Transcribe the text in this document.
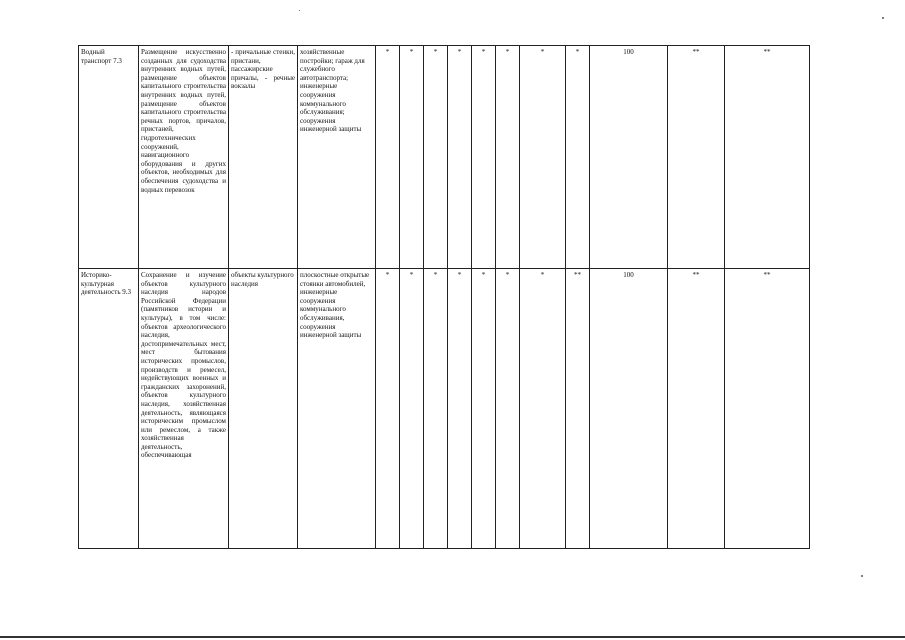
Водный транспорт 7.3	Размещение искусственно созданных для судоходства внутренних водных путей, размещение объектов капитального строительства внутренних водных путей, размещение объектов капитального строительства речных портов, причалов, пристаней, гидротехнических сооружений, навигационного оборудования и других объектов, необходимых для обеспечения судоходства и водных перевозок	- причальные стенки, пристани, пассажирские причалы, - речные вокзалы	хозяйственные постройки; гараж для служебного автотранспорта; инженерные сооружения коммунального обслуживания; сооружения инженерной защиты	*	*	*	*	*	*	*	*	100	**	**
Историко-культурная деятельность 9.3	Сохранение и изучение объектов культурного наследия народов Российской Федерации (памятников истории и культуры), в том числе: объектов археологического наследия, достопримечательных мест, мест бытования исторических промыслов, производств и ремесел, недействующих военных и гражданских захоронений, объектов культурного наследия, хозяйственная деятельность, являющаяся историческим промыслом или ремеслом, а также хозяйственная деятельность, обеспечивающая	объекты культурного наследия	плоскостные открытые стоянки автомобилей, инженерные сооружения коммунального обслуживания, сооружения инженерной защиты	*	*	*	*	*	*	*	**	100	**	**
